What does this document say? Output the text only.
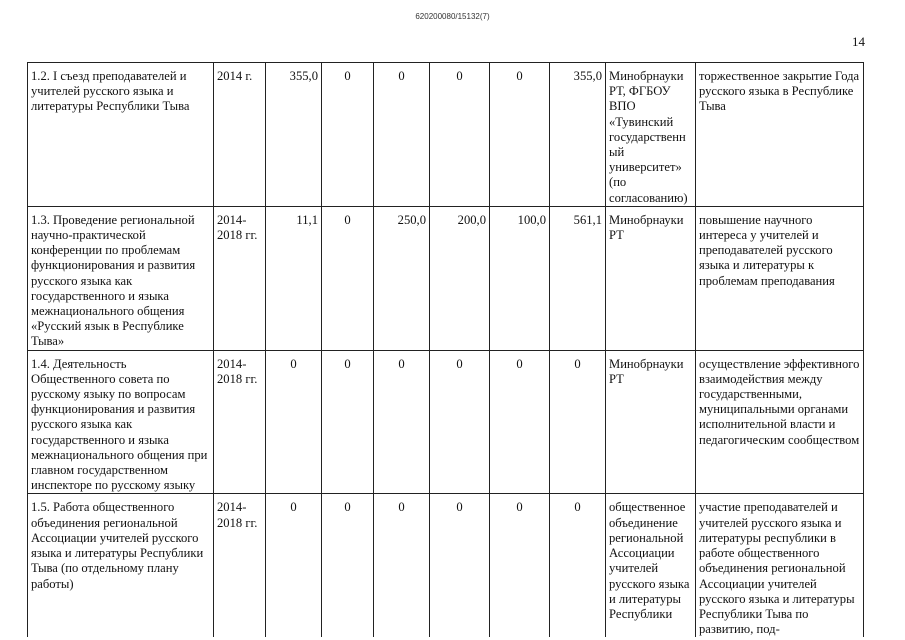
620200080/15132(7)
14
1.2. I съезд преподавателей и учителей русского языка и литературы Республики Тыва	2014 г.	355,0	0	0	0	0	355,0	Минобрнауки РТ, ФГБОУ ВПО «Тувинский государственный университет» (по согласованию)	торжественное закрытие Года русского языка в Республике Тыва
1.3. Проведение региональной научно-практической конференции по проблемам функционирования и развития русского языка как государственного и языка межнационального общения «Русский язык в Республике Тыва»	2014-2018 гг.	11,1	0	250,0	200,0	100,0	561,1	Минобрнауки РТ	повышение научного интереса у учителей и преподавателей русского языка и литературы к проблемам преподавания
1.4. Деятельность Общественного совета по русскому языку по вопросам функционирования и развития русского языка как государственного и языка межнационального общения при главном государственном инспекторе по русскому языку	2014-2018 гг.	0	0	0	0	0	0	Минобрнауки РТ	осуществление эффективного взаимодействия между государственными, муниципальными органами исполнительной власти и педагогическим сообществом
1.5. Работа общественного объединения региональной Ассоциации учителей русского языка и литературы Республики Тыва (по отдельному плану работы)	2014-2018 гг.	0	0	0	0	0	0	общественное объединение региональной Ассоциации учителей русского языка и литературы Республики	участие преподавателей и учителей русского языка и литературы республики в работе общественного объединения региональной Ассоциации учителей русского языка и литературы Республики Тыва по развитию, под-
